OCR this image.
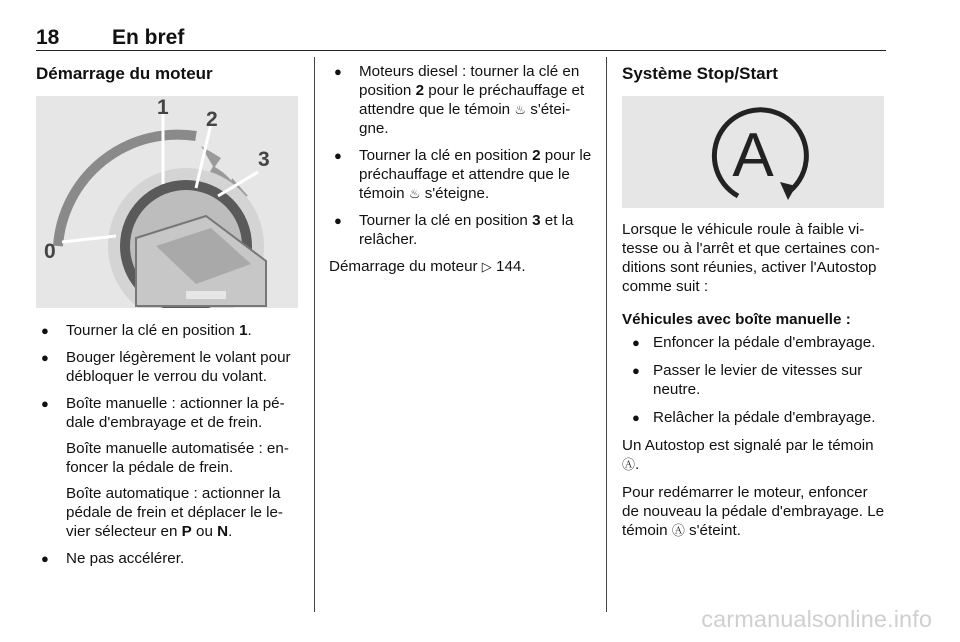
18	En bref
Démarrage du moteur
0
1
2
3
● Tourner la clé en position 1.
● Bouger légèrement le volant pour débloquer le verrou du volant.
● Boîte manuelle : actionner la pé-dale d'embrayage et de frein.
Boîte manuelle automatisée : en-foncer la pédale de frein.
Boîte automatique : actionner la pédale de frein et déplacer le le-vier sélecteur en P ou N.
● Ne pas accélérer.
● Moteurs diesel : tourner la clé en position 2 pour le préchauffage et attendre que le témoin ♨ s'étei-gne.
● Tourner la clé en position 2 pour le préchauffage et attendre que le témoin ♨ s'éteigne.
● Tourner la clé en position 3 et la relâcher.

Démarrage du moteur ▷ 144.

Système Stop/Start
A

Lorsque le véhicule roule à faible vi-tesse ou à l'arrêt et que certaines con-ditions sont réunies, activer l'Autostop comme suit :

Véhicules avec boîte manuelle :

● Enfoncer la pédale d'embrayage.
● Passer le levier de vitesses sur neutre.
● Relâcher la pédale d'embrayage.

Un Autostop est signalé par le témoin Ⓐ.

Pour redémarrer le moteur, enfoncer de nouveau la pédale d'embrayage. Le témoin Ⓐ s'éteint.

carmanualsonline.info
